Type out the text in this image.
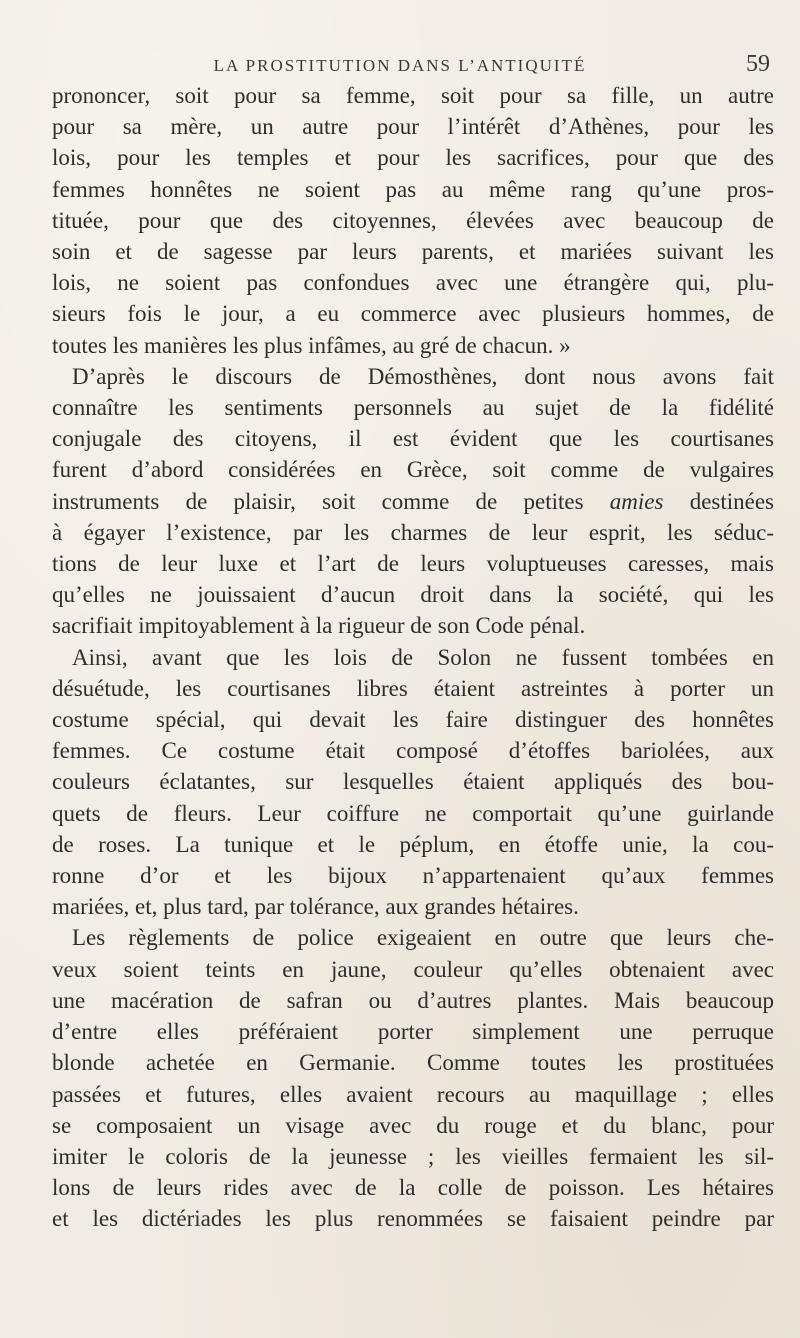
LA PROSTITUTION DANS L’ANTIQUITÉ	59

prononcer, soit pour sa femme, soit pour sa fille, un autre
pour sa mère, un autre pour l’intérêt d’Athènes, pour les
lois, pour les temples et pour les sacrifices, pour que des
femmes honnêtes ne soient pas au même rang qu’une pros-
tituée, pour que des citoyennes, élevées avec beaucoup de
soin et de sagesse par leurs parents, et mariées suivant les
lois, ne soient pas confondues avec une étrangère qui, plu-
sieurs fois le jour, a eu commerce avec plusieurs hommes, de
toutes les manières les plus infâmes, au gré de chacun. »

D’après le discours de Démosthènes, dont nous avons fait
connaître les sentiments personnels au sujet de la fidélité
conjugale des citoyens, il est évident que les courtisanes
furent d’abord considérées en Grèce, soit comme de vulgaires
instruments de plaisir, soit comme de petites amies destinées
à égayer l’existence, par les charmes de leur esprit, les séduc-
tions de leur luxe et l’art de leurs voluptueuses caresses, mais
qu’elles ne jouissaient d’aucun droit dans la société, qui les
sacrifiait impitoyablement à la rigueur de son Code pénal.

Ainsi, avant que les lois de Solon ne fussent tombées en
désuétude, les courtisanes libres étaient astreintes à porter un
costume spécial, qui devait les faire distinguer des honnêtes
femmes. Ce costume était composé d’étoffes bariolées, aux
couleurs éclatantes, sur lesquelles étaient appliqués des bou-
quets de fleurs. Leur coiffure ne comportait qu’une guirlande
de roses. La tunique et le péplum, en étoffe unie, la cou-
ronne d’or et les bijoux n’appartenaient qu’aux femmes
mariées, et, plus tard, par tolérance, aux grandes hétaires.

Les règlements de police exigeaient en outre que leurs che-
veux soient teints en jaune, couleur qu’elles obtenaient avec
une macération de safran ou d’autres plantes. Mais beaucoup
d’entre elles préféraient porter simplement une perruque
blonde achetée en Germanie. Comme toutes les prostituées
passées et futures, elles avaient recours au maquillage ; elles
se composaient un visage avec du rouge et du blanc, pour
imiter le coloris de la jeunesse ; les vieilles fermaient les sil-
lons de leurs rides avec de la colle de poisson. Les hétaires
et les dictériades les plus renommées se faisaient peindre par
